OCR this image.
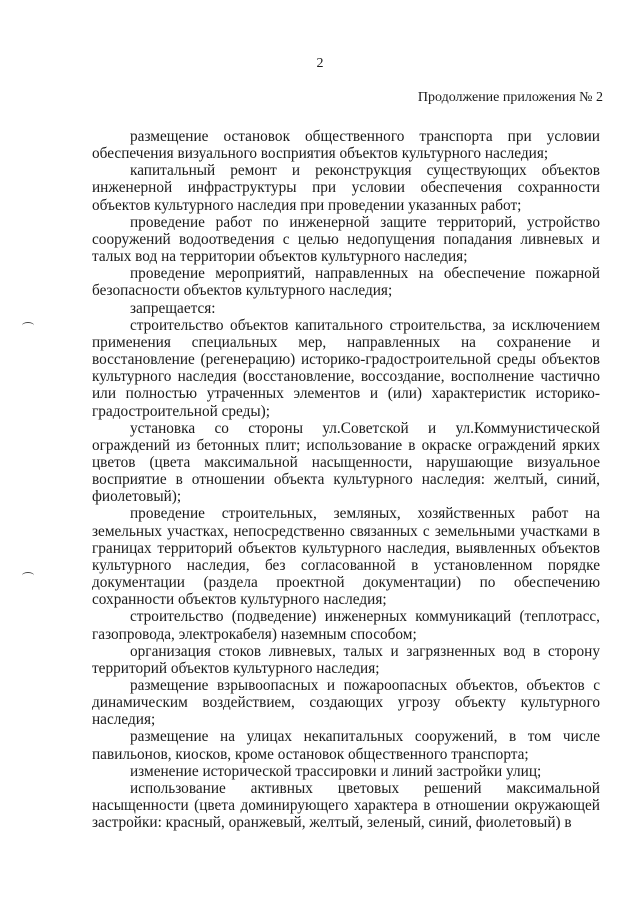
2
Продолжение приложения № 2

размещение остановок общественного транспорта при условии обеспечения визуального восприятия объектов культурного наследия;

капитальный ремонт и реконструкция существующих объектов инженерной инфраструктуры при условии обеспечения сохранности объектов культурного наследия при проведении указанных работ;

проведение работ по инженерной защите территорий, устройство сооружений водоотведения с целью недопущения попадания ливневых и талых вод на территории объектов культурного наследия;

проведение мероприятий, направленных на обеспечение пожарной безопасности объектов культурного наследия;

запрещается:

строительство объектов капитального строительства, за исключением применения специальных мер, направленных на сохранение и восстановление (регенерацию) историко-градостроительной среды объектов культурного наследия (восстановление, воссоздание, восполнение частично или полностью утраченных элементов и (или) характеристик историко-градостроительной среды);

установка со стороны ул.Советской и ул.Коммунистической ограждений из бетонных плит; использование в окраске ограждений ярких цветов (цвета максимальной насыщенности, нарушающие визуальное восприятие в отношении объекта культурного наследия: желтый, синий, фиолетовый);

проведение строительных, земляных, хозяйственных работ на земельных участках, непосредственно связанных с земельными участками в границах территорий объектов культурного наследия, выявленных объектов культурного наследия, без согласованной в установленном порядке документации (раздела проектной документации) по обеспечению сохранности объектов культурного наследия;

строительство (подведение) инженерных коммуникаций (теплотрасс, газопровода, электрокабеля) наземным способом;

организация стоков ливневых, талых и загрязненных вод в сторону территорий объектов культурного наследия;

размещение взрывоопасных и пожароопасных объектов, объектов с динамическим воздействием, создающих угрозу объекту культурного наследия;

размещение на улицах некапитальных сооружений, в том числе павильонов, киосков, кроме остановок общественного транспорта;

изменение исторической трассировки и линий застройки улиц;

использование активных цветовых решений максимальной насыщенности (цвета доминирующего характера в отношении окружающей застройки: красный, оранжевый, желтый, зеленый, синий, фиолетовый) в
